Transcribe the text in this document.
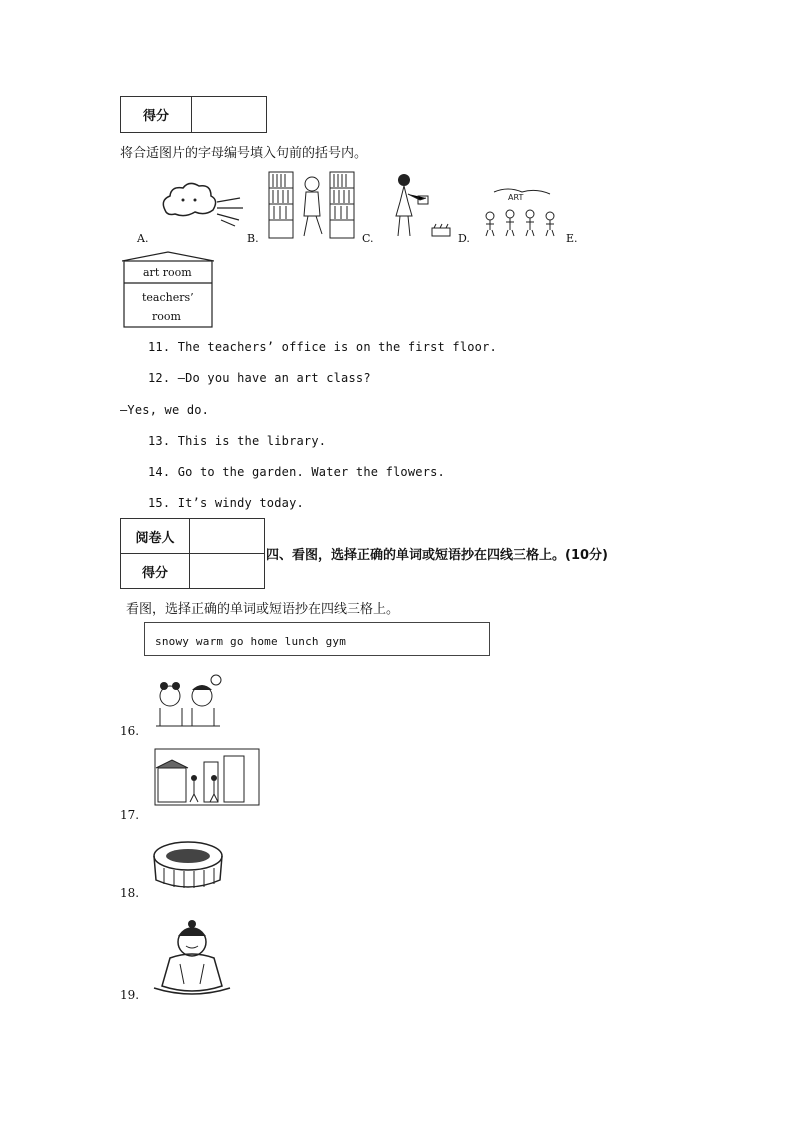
得分	
将合适图片的字母编号填入句前的括号内。
A.	B.	C.
ART
D.	E.
art room
teachers’
room
11. The teachers’ office is on the first floor.
12. —Do you have an art class?
—Yes, we do.
13. This is the library.
14. Go to the garden. Water the flowers.
15. It’s windy today.
阅卷人	
得分	
四、看图，选择正确的单词或短语抄在四线三格上。(10分)
看图，选择正确的单词或短语抄在四线三格上。
snowy warm go home lunch gym
16.
17.
18.
19.
